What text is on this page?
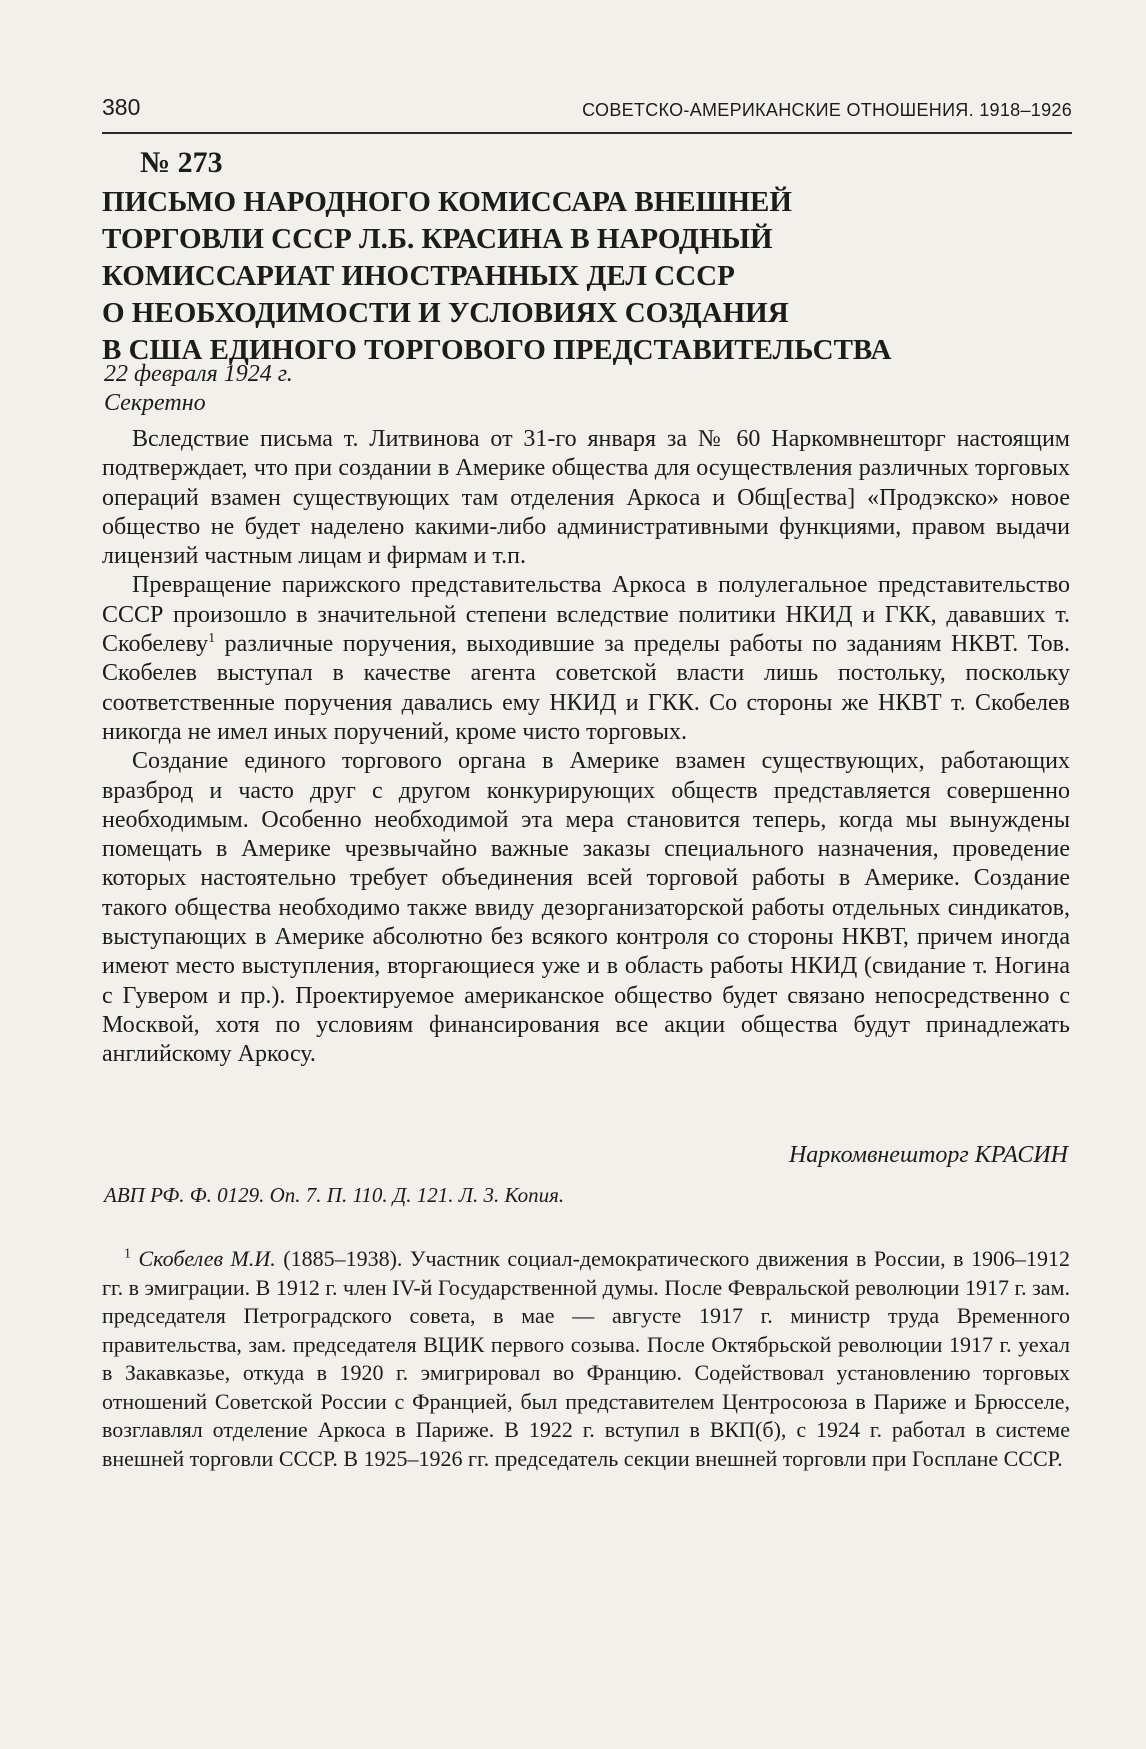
380	СОВЕТСКО-АМЕРИКАНСКИЕ ОТНОШЕНИЯ. 1918–1926
№ 273
ПИСЬМО НАРОДНОГО КОМИССАРА ВНЕШНЕЙ
ТОРГОВЛИ СССР Л.Б. КРАСИНА В НАРОДНЫЙ
КОМИССАРИАТ ИНОСТРАННЫХ ДЕЛ СССР
О НЕОБХОДИМОСТИ И УСЛОВИЯХ СОЗДАНИЯ
В США ЕДИНОГО ТОРГОВОГО ПРЕДСТАВИТЕЛЬСТВА
22 февраля 1924 г.
Секретно

Вследствие письма т. Литвинова от 31-го января за № 60 Наркомвнешторг настоящим подтверждает, что при создании в Америке общества для осуществления различных торговых операций взамен существующих там отделения Аркоса и Общ[ества] «Продэкско» новое общество не будет наделено какими-либо административными функциями, правом выдачи лицензий частным лицам и фирмам и т.п.

Превращение парижского представительства Аркоса в полулегальное представительство СССР произошло в значительной степени вследствие политики НКИД и ГКК, дававших т. Скобелеву$^1$ различные поручения, выходившие за пределы работы по заданиям НКВТ. Тов. Скобелев выступал в качестве агента советской власти лишь постольку, поскольку соответственные поручения давались ему НКИД и ГКК. Со стороны же НКВТ т. Скобелев никогда не имел иных поручений, кроме чисто торговых.

Создание единого торгового органа в Америке взамен существующих, работающих вразброд и часто друг с другом конкурирующих обществ представляется совершенно необходимым. Особенно необходимой эта мера становится теперь, когда мы вынуждены помещать в Америке чрезвычайно важные заказы специального назначения, проведение которых настоятельно требует объединения всей торговой работы в Америке. Создание такого общества необходимо также ввиду дезорганизаторской работы отдельных синдикатов, выступающих в Америке абсолютно без всякого контроля со стороны НКВТ, причем иногда имеют место выступления, вторгающиеся уже и в область работы НКИД (свидание т. Ногина с Гувером и пр.). Проектируемое американское общество будет связано непосредственно с Москвой, хотя по условиям финансирования все акции общества будут принадлежать английскому Аркосу.

Наркомвнешторг КРАСИН
АВП РФ. Ф. 0129. Оп. 7. П. 110. Д. 121. Л. 3. Копия.

$^1$ Скобелев М.И. (1885–1938). Участник социал-демократического движения в России, в 1906–1912 гг. в эмиграции. В 1912 г. член IV-й Государственной думы. После Февральской революции 1917 г. зам. председателя Петроградского совета, в мае — августе 1917 г. министр труда Временного правительства, зам. председателя ВЦИК первого созыва. После Октябрьской революции 1917 г. уехал в Закавказье, откуда в 1920 г. эмигрировал во Францию. Содействовал установлению торговых отношений Советской России с Францией, был представителем Центросоюза в Париже и Брюсселе, возглавлял отделение Аркоса в Париже. В 1922 г. вступил в ВКП(б), с 1924 г. работал в системе внешней торговли СССР. В 1925–1926 гг. председатель секции внешней торговли при Госплане СССР.
